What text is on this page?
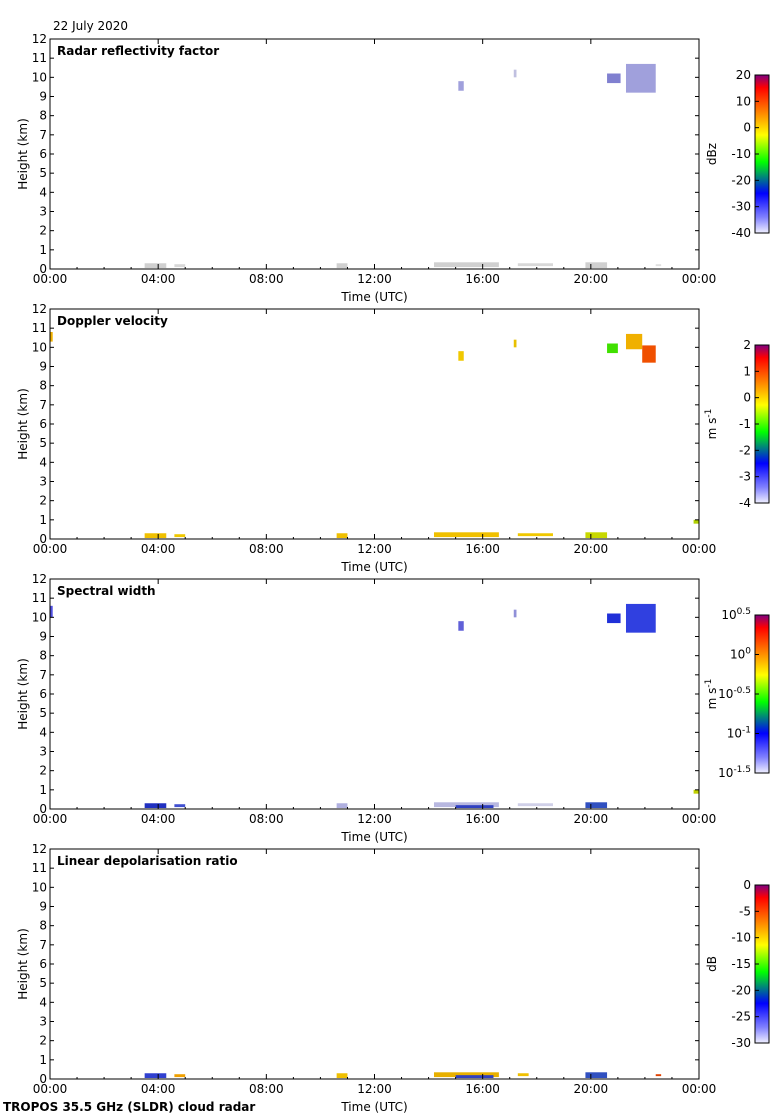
22 July 2020
0
1
2
3
4
5
6
7
8
9
10
11
12
00:00	04:00	08:00	12:00	16:00	20:00	00:00
Time (UTC)
Height (km)
Radar reflectivity factor
20
10
0
-10
-20
-30
-40
dBz
0
1
2
3
4
5
6
7
8
9
10
11
12
00:00	04:00	08:00	12:00	16:00	20:00	00:00
Time (UTC)
Height (km)
Doppler velocity
2
1
0
-1
-2
-3
-4
m $s^{-1}$
0
1
2
3
4
5
6
7
8
9
10
11
12
00:00	04:00	08:00	12:00	16:00	20:00	00:00
Time (UTC)
Height (km)
Spectral width
$10^{0.5}$
$10^0$
$10^{-0.5}$
$10^{-1}$
$10^{-1.5}$
m $s^{-1}$
0
1
2
3
4
5
6
7
8
9
10
11
12
00:00	04:00	08:00	12:00	16:00	20:00	00:00
Time (UTC)
Height (km)
Linear depolarisation ratio
0
-5
-10
-15
-20
-25
-30
dB
TROPOS 35.5 GHz (SLDR) cloud radar
